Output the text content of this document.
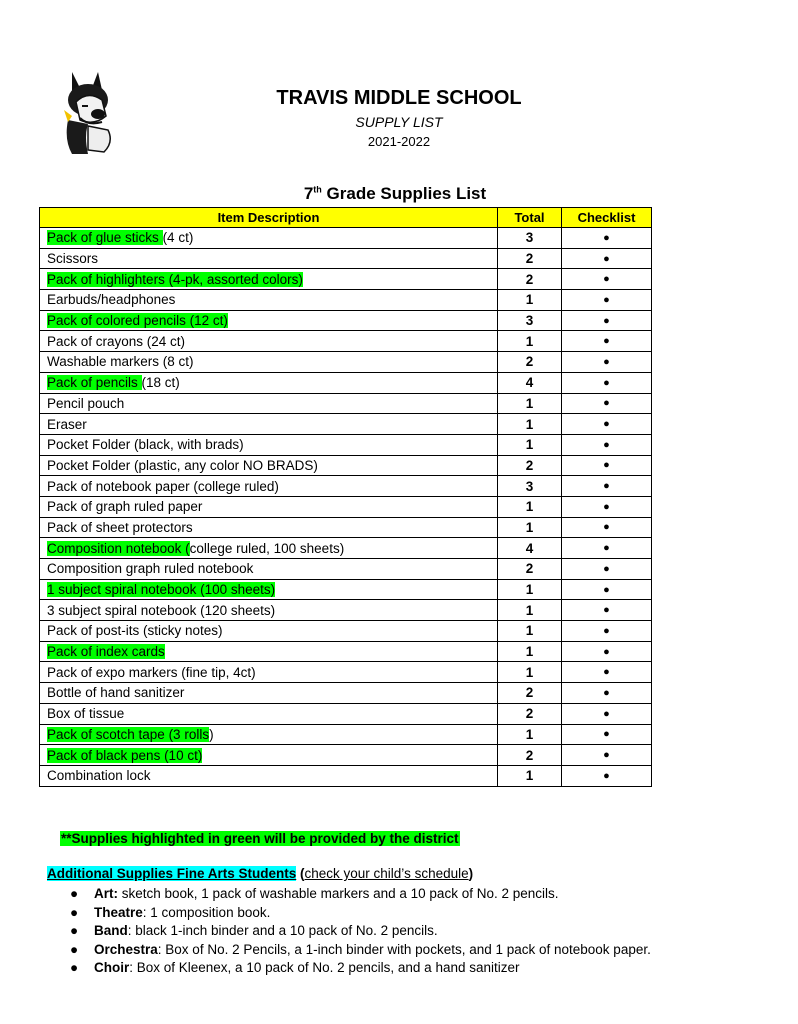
TRAVIS MIDDLE SCHOOL
SUPPLY LIST
2021-2022
7th Grade Supplies List
Item Description	Total	Checklist
Pack of glue sticks (4 ct)	3	●
Scissors	2	●
Pack of highlighters (4-pk, assorted colors)	2	●
Earbuds/headphones	1	●
Pack of colored pencils (12 ct)	3	●
Pack of crayons (24 ct)	1	●
Washable markers (8 ct)	2	●
Pack of pencils (18 ct)	4	●
Pencil pouch	1	●
Eraser	1	●
Pocket Folder (black, with brads)	1	●
Pocket Folder (plastic, any color NO BRADS)	2	●
Pack of notebook paper (college ruled)	3	●
Pack of graph ruled paper	1	●
Pack of sheet protectors	1	●
Composition notebook (college ruled, 100 sheets)	4	●
Composition graph ruled notebook	2	●
1 subject spiral notebook (100 sheets)	1	●
3 subject spiral notebook (120 sheets)	1	●
Pack of post-its (sticky notes)	1	●
Pack of index cards	1	●
Pack of expo markers (fine tip, 4ct)	1	●
Bottle of hand sanitizer	2	●
Box of tissue	2	●
Pack of scotch tape (3 rolls)	1	●
Pack of black pens (10 ct)	2	●
Combination lock	1	●
**Supplies highlighted in green will be provided by the district
Additional Supplies Fine Arts Students (check your child’s schedule)
● Art: sketch book, 1 pack of washable markers and a 10 pack of No. 2 pencils.
● Theatre: 1 composition book.
● Band: black 1-inch binder and a 10 pack of No. 2 pencils.
● Orchestra: Box of No. 2 Pencils, a 1-inch binder with pockets, and 1 pack of notebook paper.
● Choir: Box of Kleenex, a 10 pack of No. 2 pencils, and a hand sanitizer
